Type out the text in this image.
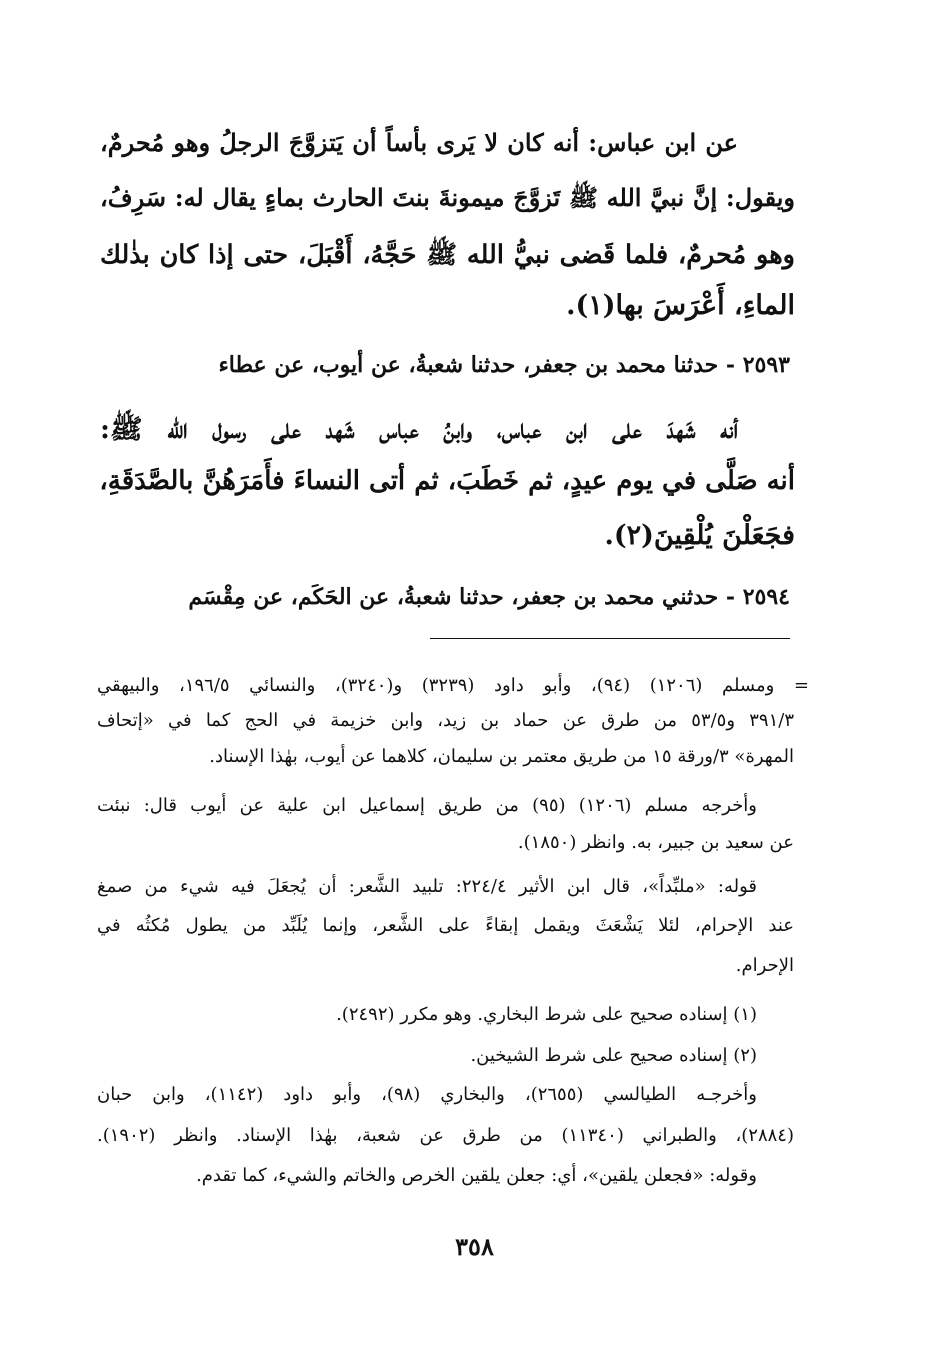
عن ابن عباس: أنه كان لا يَرى بأساً أن يَتزوَّجَ الرجلُ وهو مُحرمٌ،
ويقول: إنَّ نبيَّ الله ﷺ تَزوَّجَ ميمونةَ بنتَ الحارث بماءٍ يقال له: سَرِفُ،
وهو مُحرمٌ، فلما قَضى نبيُّ الله ﷺ حَجَّهُ، أَقْبَلَ، حتى إذا كان بذٰلك
الماءِ، أَعْرَسَ بها(١).
٢٥٩٣ - حدثنا محمد بن جعفر، حدثنا شعبةُ، عن أيوب، عن عطاء
أنه شَهدَ على ابن عباس، وابنُ عباس شَهد على رسول الله ﷺ:
أنه صَلَّى في يوم عيدٍ، ثم خَطَبَ، ثم أتى النساءَ فأَمَرَهُنَّ بالصَّدَقَةِ،
فجَعَلْنَ يُلْقِينَ(٢).
٢٥٩٤ - حدثني محمد بن جعفر، حدثنا شعبةُ، عن الحَكَم، عن مِقْسَم
= ومسلم (١٢٠٦) (٩٤)، وأبو داود (٣٢٣٩) و(٣٢٤٠)، والنسائي ١٩٦/٥، والبيهقي
٣٩١/٣ و٥٣/٥ من طرق عن حماد بن زيد، وابن خزيمة في الحج كما في «إتحاف
المهرة» ٣/ورقة ١٥ من طريق معتمر بن سليمان، كلاهما عن أيوب، بهٰذا الإسناد.
وأخرجه مسلم (١٢٠٦) (٩٥) من طريق إسماعيل ابن علية عن أيوب قال: نبئت
عن سعيد بن جبير، به. وانظر (١٨٥٠).
قوله: «ملبِّداً»، قال ابن الأثير ٢٢٤/٤: تلبيد الشَّعر: أن يُجعَلَ فيه شيء من صمغ
عند الإحرام، لئلا يَشْعَثَ ويقمل إبقاءً على الشَّعر، وإنما يُلَبِّد من يطول مُكثُه في
الإحرام.
(١) إسناده صحيح على شرط البخاري. وهو مكرر (٢٤٩٢).
(٢) إسناده صحيح على شرط الشيخين.
وأخرجـه الطيالسي (٢٦٥٥)، والبخاري (٩٨)، وأبو داود (١١٤٢)، وابن حبان
(٢٨٨٤)، والطبراني (١١٣٤٠) من طرق عن شعبة، بهٰذا الإسناد. وانظر (١٩٠٢).
وقوله: «فجعلن يلقين»، أي: جعلن يلقين الخرص والخاتم والشيء، كما تقدم.
٣٥٨
